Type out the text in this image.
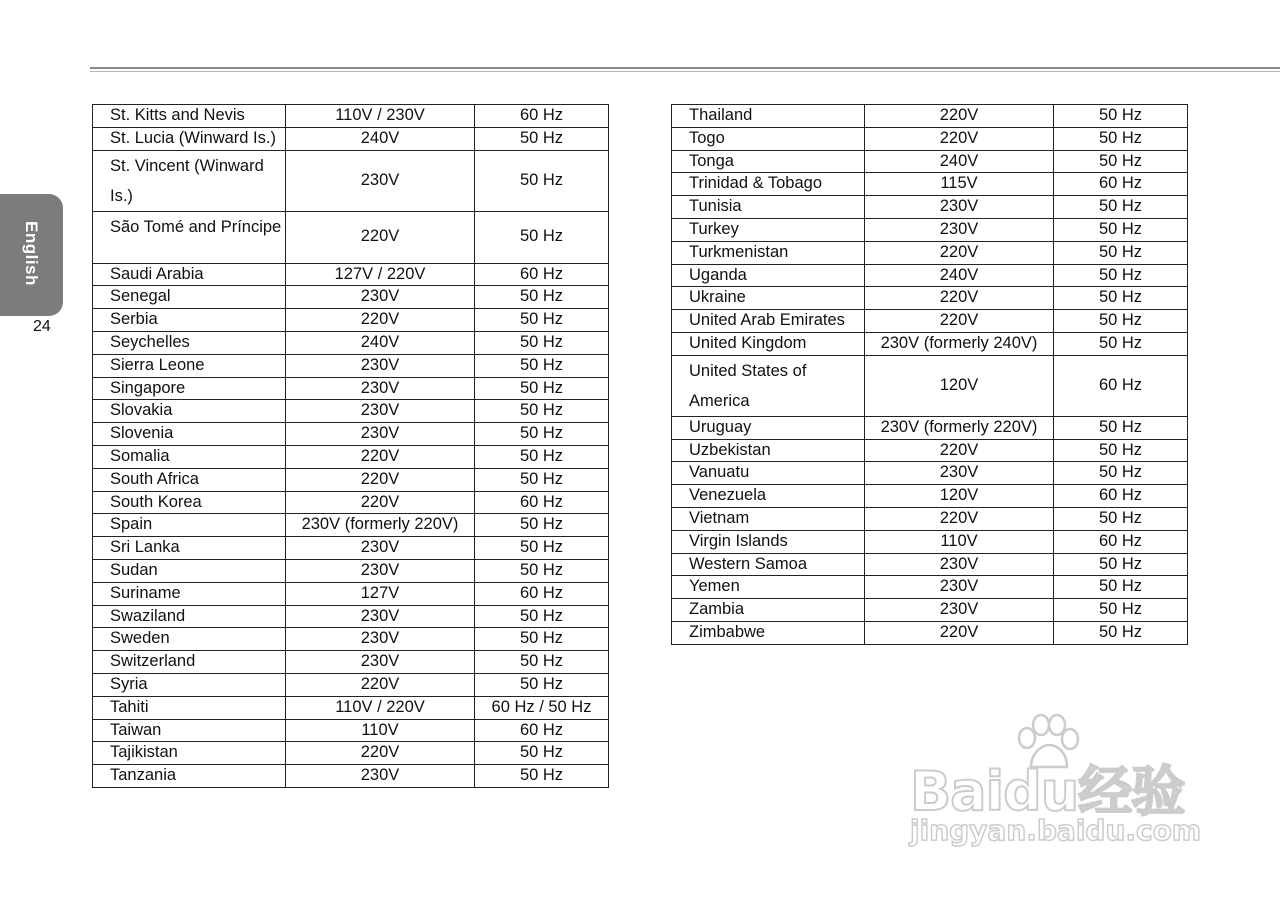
English
24
St. Kitts and Nevis	110V / 230V	60 Hz
St. Lucia (Winward Is.)	240V	50 Hz
St. Vincent (Winward Is.)	230V	50 Hz
São Tomé and Príncipe	220V	50 Hz
Saudi Arabia	127V / 220V	60 Hz
Senegal	230V	50 Hz
Serbia	220V	50 Hz
Seychelles	240V	50 Hz
Sierra Leone	230V	50 Hz
Singapore	230V	50 Hz
Slovakia	230V	50 Hz
Slovenia	230V	50 Hz
Somalia	220V	50 Hz
South Africa	220V	50 Hz
South Korea	220V	60 Hz
Spain	230V (formerly 220V)	50 Hz
Sri Lanka	230V	50 Hz
Sudan	230V	50 Hz
Suriname	127V	60 Hz
Swaziland	230V	50 Hz
Sweden	230V	50 Hz
Switzerland	230V	50 Hz
Syria	220V	50 Hz
Tahiti	110V / 220V	60 Hz / 50 Hz
Taiwan	110V	60 Hz
Tajikistan	220V	50 Hz
Tanzania	230V	50 Hz
Thailand	220V	50 Hz
Togo	220V	50 Hz
Tonga	240V	50 Hz
Trinidad & Tobago	115V	60 Hz
Tunisia	230V	50 Hz
Turkey	230V	50 Hz
Turkmenistan	220V	50 Hz
Uganda	240V	50 Hz
Ukraine	220V	50 Hz
United Arab Emirates	220V	50 Hz
United Kingdom	230V (formerly 240V)	50 Hz
United States of America	120V	60 Hz
Uruguay	230V (formerly 220V)	50 Hz
Uzbekistan	220V	50 Hz
Vanuatu	230V	50 Hz
Venezuela	120V	60 Hz
Vietnam	220V	50 Hz
Virgin Islands	110V	60 Hz
Western Samoa	230V	50 Hz
Yemen	230V	50 Hz
Zambia	230V	50 Hz
Zimbabwe	220V	50 Hz
Baidu经验
jingyan.baidu.com
